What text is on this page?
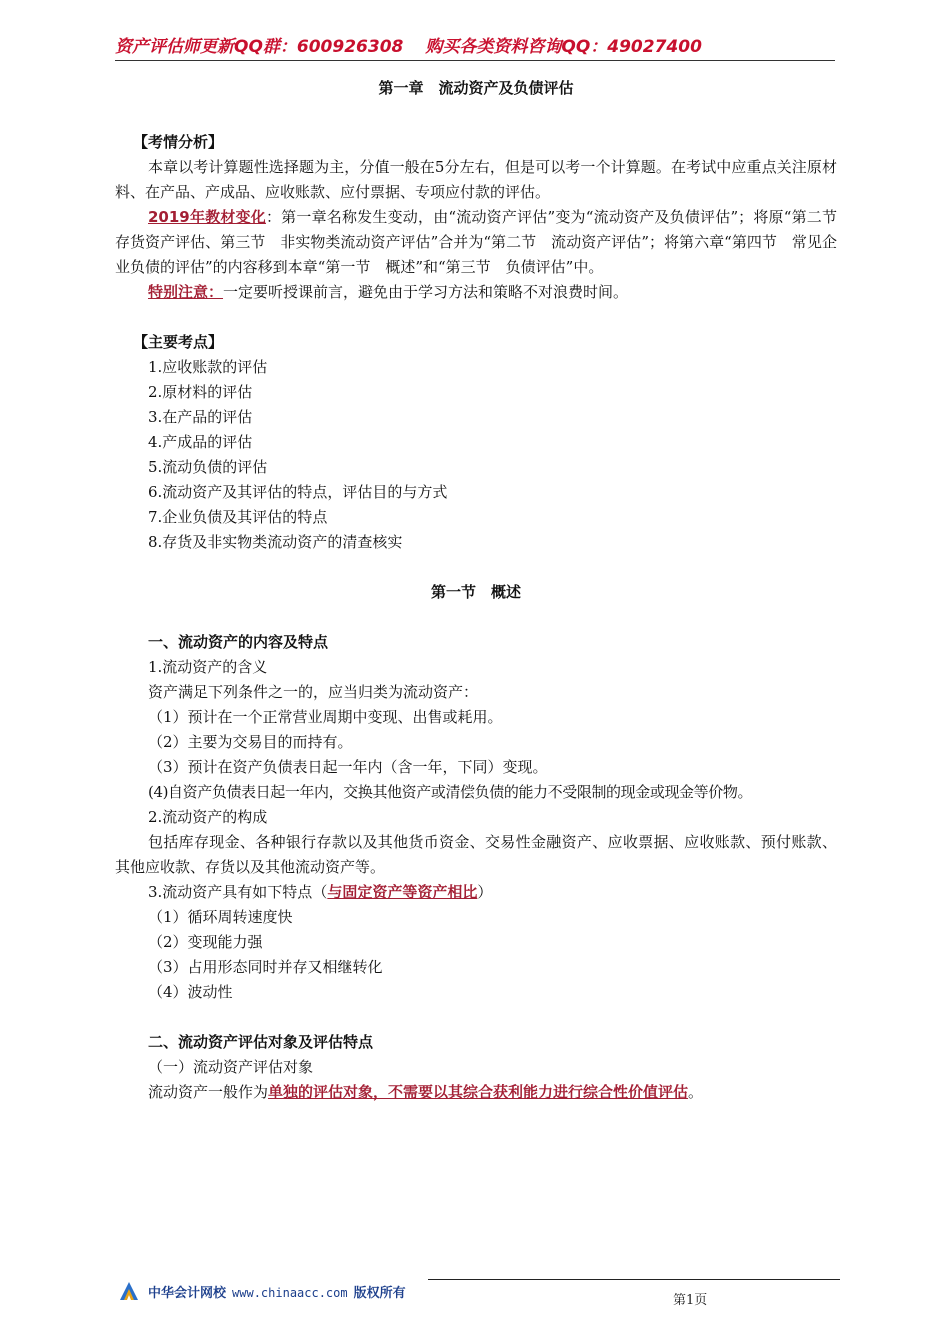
资产评估师更新QQ群：600926308 购买各类资料咨询QQ：49027400

第一章　流动资产及负债评估

【考情分析】

本章以考计算题性选择题为主，分值一般在5分左右，但是可以考一个计算题。在考试中应重点关注原材料、在产品、产成品、应收账款、应付票据、专项应付款的评估。

2019年教材变化：第一章名称发生变动，由“流动资产评估”变为“流动资产及负债评估”；将原“第二节存货资产评估、第三节　非实物类流动资产评估”合并为“第二节　流动资产评估”；将第六章“第四节　常见企业负债的评估”的内容移到本章“第一节　概述”和“第三节　负债评估”中。

特别注意：一定要听授课前言，避免由于学习方法和策略不对浪费时间。

【主要考点】

1.应收账款的评估

2.原材料的评估

3.在产品的评估

4.产成品的评估

5.流动负债的评估

6.流动资产及其评估的特点，评估目的与方式

7.企业负债及其评估的特点

8.存货及非实物类流动资产的清查核实

第一节　概述

一、流动资产的内容及特点

1.流动资产的含义

资产满足下列条件之一的，应当归类为流动资产：

（1）预计在一个正常营业周期中变现、出售或耗用。

（2）主要为交易目的而持有。

（3）预计在资产负债表日起一年内（含一年，下同）变现。

(4)自资产负债表日起一年内，交换其他资产或清偿负债的能力不受限制的现金或现金等价物。

2.流动资产的构成

包括库存现金、各种银行存款以及其他货币资金、交易性金融资产、应收票据、应收账款、预付账款、其他应收款、存货以及其他流动资产等。

3.流动资产具有如下特点（与固定资产等资产相比）

（1）循环周转速度快

（2）变现能力强

（3）占用形态同时并存又相继转化

（4）波动性

二、流动资产评估对象及评估特点

（一）流动资产评估对象

流动资产一般作为单独的评估对象，不需要以其综合获利能力进行综合性价值评估。

中华会计网校 www.chinaacc.com 版权所有	第1页
